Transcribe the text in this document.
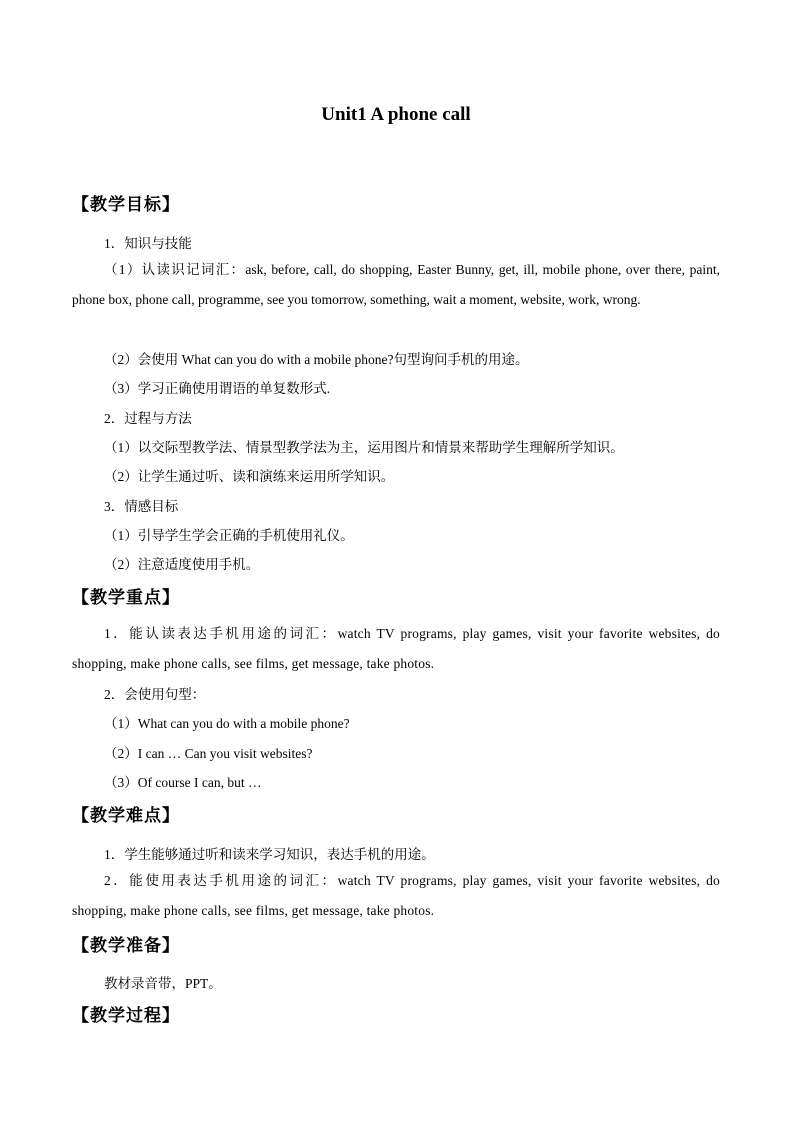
Unit1 A phone call
【教学目标】
1．知识与技能
（1）认读识记词汇：ask, before, call, do shopping, Easter Bunny, get, ill, mobile phone, over there, paint, phone box, phone call, programme, see you tomorrow, something, wait a moment, website, work, wrong.
（2）会使用 What can you do with a mobile phone?句型询问手机的用途。
（3）学习正确使用谓语的单复数形式.
2．过程与方法
（1）以交际型教学法、情景型教学法为主，运用图片和情景来帮助学生理解所学知识。
（2）让学生通过听、读和演练来运用所学知识。
3．情感目标
（1）引导学生学会正确的手机使用礼仪。
（2）注意适度使用手机。
【教学重点】
1．能认读表达手机用途的词汇：watch TV programs, play games, visit your favorite websites, do shopping, make phone calls, see films, get message, take photos.
2．会使用句型：
（1）What can you do with a mobile phone?
（2）I can … Can you visit websites?
（3）Of course I can, but …
【教学难点】
1．学生能够通过听和读来学习知识，表达手机的用途。
2．能使用表达手机用途的词汇：watch TV programs, play games, visit your favorite websites, do shopping, make phone calls, see films, get message, take photos.
【教学准备】
教材录音带，PPT。
【教学过程】
